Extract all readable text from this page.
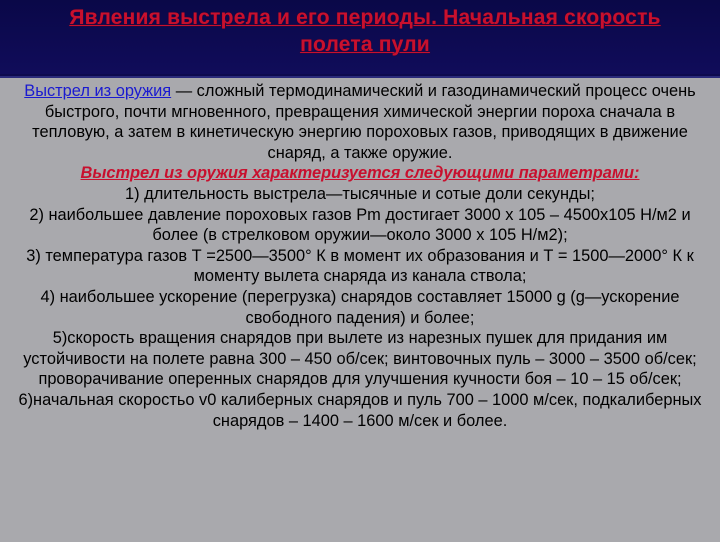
Явления выстрела и его периоды. Начальная скорость полета пули

Выстрел из оружия — сложный термодинамический и газодинамический процесс очень быстрого, почти мгновенного, превращения химической энергии пороха сначала в тепловую, а затем в кинетическую энергию пороховых газов, приводящих в движение снаряд, а также оружие.

Выстрел из оружия характеризуется следующими параметрами:

1) длительность выстрела—тысячные и сотые доли секунды;

2) наибольшее давление пороховых газов Pm достигает 3000 х 105 – 4500х105 Н/м2 и более (в стрелковом оружии—около 3000 х 105 Н/м2);

3) температура газов Т =2500—3500° К в момент их образования и Т = 1500—2000° К к моменту вылета снаряда из канала ствола;

4) наибольшее ускорение (перегрузка) снарядов составляет 15000 g (g—ускорение свободного падения) и более;

5)скорость вращения снарядов при вылете из нарезных пушек для придания им устойчивости на полете равна 300 – 450 об/сек; винтовочных пуль – 3000 – 3500 об/сек; проворачивание оперенных снарядов для улучшения кучности боя – 10 – 15 об/сек;

6)начальная скоростьо v0 калиберных снарядов и пуль 700 – 1000 м/сек, подкалиберных снарядов – 1400 – 1600 м/сек и более.
